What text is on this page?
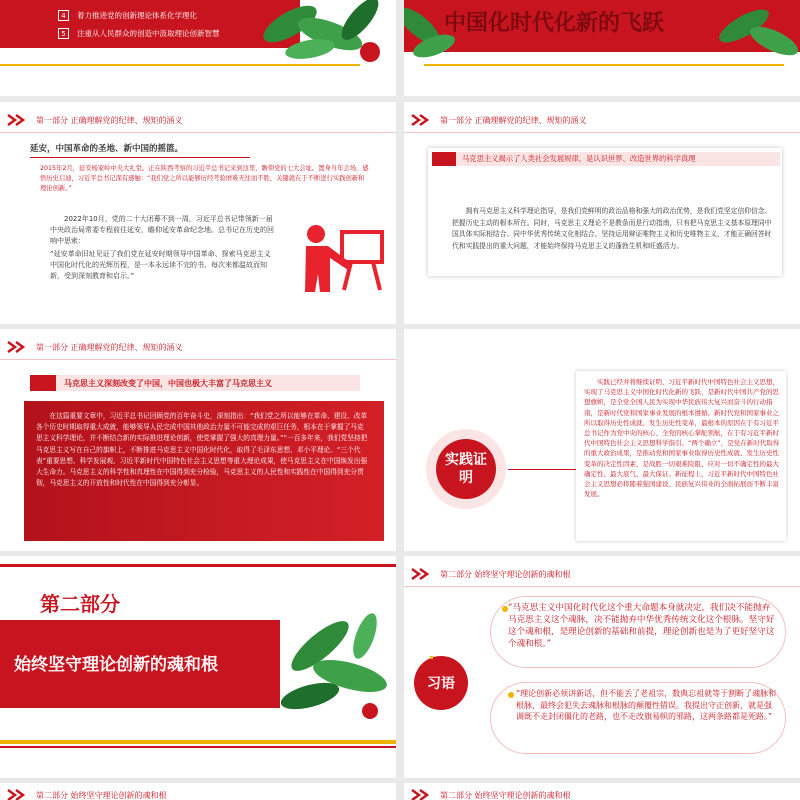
4	着力推进党的创新理论体系化学理化
5	注重从人民群众的创造中汲取理论创新智慧	中国化时代化新的飞跃
第一部分 正确理解党的纪律、规矩的涵义
延安，中国革命的圣地、新中国的摇篮。
2015年2月，延安杨家岭中央大礼堂。正在陕西考察的习近平总书记来到这里，瞻仰党的七大会址。置身当年会场，感悟历史启迪，习近平总书记深有感触：“我们党之所以能够历经考验磨难无往而不胜，关键就在于不断进行实践创新和理论创新。”
2022年10月，党的二十大闭幕不到一周，习近平总书记带领新一届中央政治局常委专程前往延安，瞻仰延安革命纪念地。总书记在历史的回响中思索：
“延安革命旧址见证了我们党在延安时期领导中国革命、探索马克思主义中国化时代化的光辉历程，是一本永远读不完的书，每次来都温故而知新，受到深刻教育和启示。”
第一部分 正确理解党的纪律、规矩的涵义
马克思主义揭示了人类社会发展规律，是认识世界、改造世界的科学真理
拥有马克思主义科学理论指导，是我们党鲜明的政治品格和强大的政治优势，是我们党坚定信仰信念、把握历史主动的根本所在。同时，马克思主义理论不是教条而是行动指南，只有把马克思主义基本原理同中国具体实际相结合、同中华优秀传统文化相结合，坚持运用辩证唯物主义和历史唯物主义，才能正确回答时代和实践提出的重大问题，才能始终保持马克思主义的蓬勃生机和旺盛活力。
第一部分 正确理解党的纪律、规矩的涵义
马克思主义深刻改变了中国，中国也极大丰富了马克思主义
在这篇重要文章中，习近平总书记回顾党的百年奋斗史，深刻指出：“我们党之所以能够在革命、建设、改革各个历史时期取得重大成就，能够领导人民完成中国其他政治力量不可能完成的艰巨任务，根本在于掌握了马克思主义科学理论，并不断结合新的实际推进理论创新，使党掌握了强大的真理力量。”“一百多年来，我们党坚持把马克思主义写在自己的旗帜上，不断推进马克思主义中国化时代化，取得了毛泽东思想、邓小平理论、“三个代表”重要思想、科学发展观、习近平新时代中国特色社会主义思想等重大理论成果，使马克思主义在中国焕发出强大生命力。马克思主义的科学性和真理性在中国得到充分检验，马克思主义的人民性和实践性在中国得到充分贯彻，马克思主义的开放性和时代性在中国得到充分彰显。
实践证明
实践已经并将继续证明，习近平新时代中国特色社会主义思想，实现了马克思主义中国化时代化新的飞跃，是新时代中国共产党的思想旗帜，是全党全国人民为实现中华民族伟大复兴而奋斗的行动指南，是新时代党和国家事业发展的根本遵循。新时代党和国家事业之所以取得历史性成就、发生历史性变革，最根本的原因在于有习近平总书记作为党中央的核心、全党的核心掌舵领航，在于有习近平新时代中国特色社会主义思想科学指引。“两个确立”，是党在新时代取得的重大政治成果，是推动党和国家事业取得历史性成就、发生历史性变革的决定性因素，是战胜一切艰难险阻、应对一切不确定性的最大确定性、最大底气、最大保证。新征程上，习近平新时代中国特色社会主义思想必将随着强国建设、民族复兴伟业的全面拓展而不断丰富发展。
第二部分
始终坚守理论创新的魂和根
第二部分 始终坚守理论创新的魂和根
“马克思主义中国化时代化这个重大命题本身就决定，我们决不能抛弃马克思主义这个魂脉，决不能抛弃中华优秀传统文化这个根脉。坚守好这个魂和根，是理论创新的基础和前提，理论创新也是为了更好坚守这个魂和根。”
“理论创新必须讲新话，但不能丢了老祖宗，数典忘祖就等于割断了魂脉和根脉，最终会犯失去魂脉和根脉的颠覆性错误。我提出守正创新，就是强调既不走封闭僵化的老路，也不走改旗易帜的邪路，这两条路都是死路。”
习语
第二部分 始终坚守理论创新的魂和根	第二部分 始终坚守理论创新的魂和根
